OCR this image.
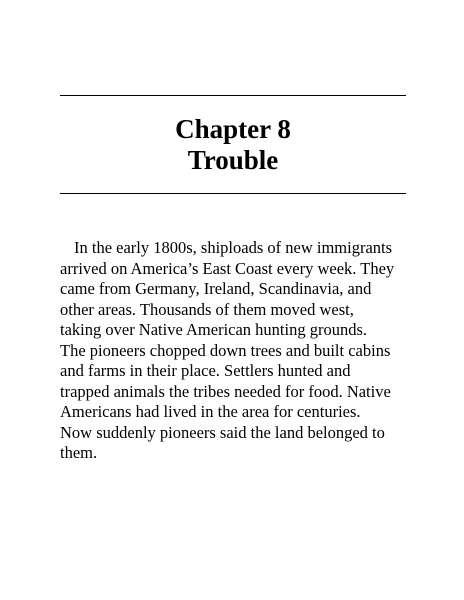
Chapter 8
Trouble
In the early 1800s, shiploads of new immigrants
arrived on America’s East Coast every week. They
came from Germany, Ireland, Scandinavia, and
other areas. Thousands of them moved west,
taking over Native American hunting grounds.
The pioneers chopped down trees and built cabins
and farms in their place. Settlers hunted and
trapped animals the tribes needed for food. Native
Americans had lived in the area for centuries.
Now suddenly pioneers said the land belonged to
them.
